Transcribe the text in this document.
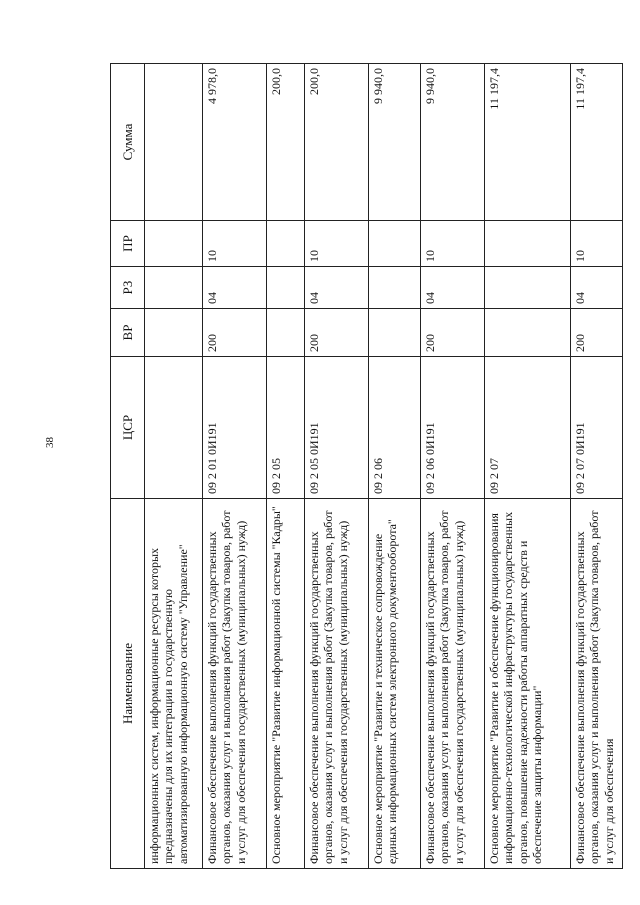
38
Наименование	ЦСР	ВР	РЗ	ПР	Сумма
информационных систем, информационные ресурсы которых предназначены для их интеграции в государственную автоматизированную информационную систему "Управление"					
Финансовое обеспечение выполнения функций государственных органов, оказания услуг и выполнения работ (Закупка товаров, работ и услуг для обеспечения государственных (муниципальных) нужд)	09 2 01 0И191	200	04	10	4 978,0
Основное мероприятие "Развитие информационной системы "Кадры"	09 2 05				200,0
Финансовое обеспечение выполнения функций государственных органов, оказания услуг и выполнения работ (Закупка товаров, работ и услуг для обеспечения государственных (муниципальных) нужд)	09 2 05 0И191	200	04	10	200,0
Основное мероприятие "Развитие и техническое сопровождение единых информационных систем электронного документооборота"	09 2 06				9 940,0
Финансовое обеспечение выполнения функций государственных органов, оказания услуг и выполнения работ (Закупка товаров, работ и услуг для обеспечения государственных (муниципальных) нужд)	09 2 06 0И191	200	04	10	9 940,0
Основное мероприятие "Развитие и обеспечение функционирования информационно-технологической инфраструктуры государственных органов, повышение надежности работы аппаратных средств и обеспечение защиты информации"	09 2 07				11 197,4
Финансовое обеспечение выполнения функций государственных органов, оказания услуг и выполнения работ (Закупка товаров, работ и услуг для обеспечения	09 2 07 0И191	200	04	10	11 197,4
